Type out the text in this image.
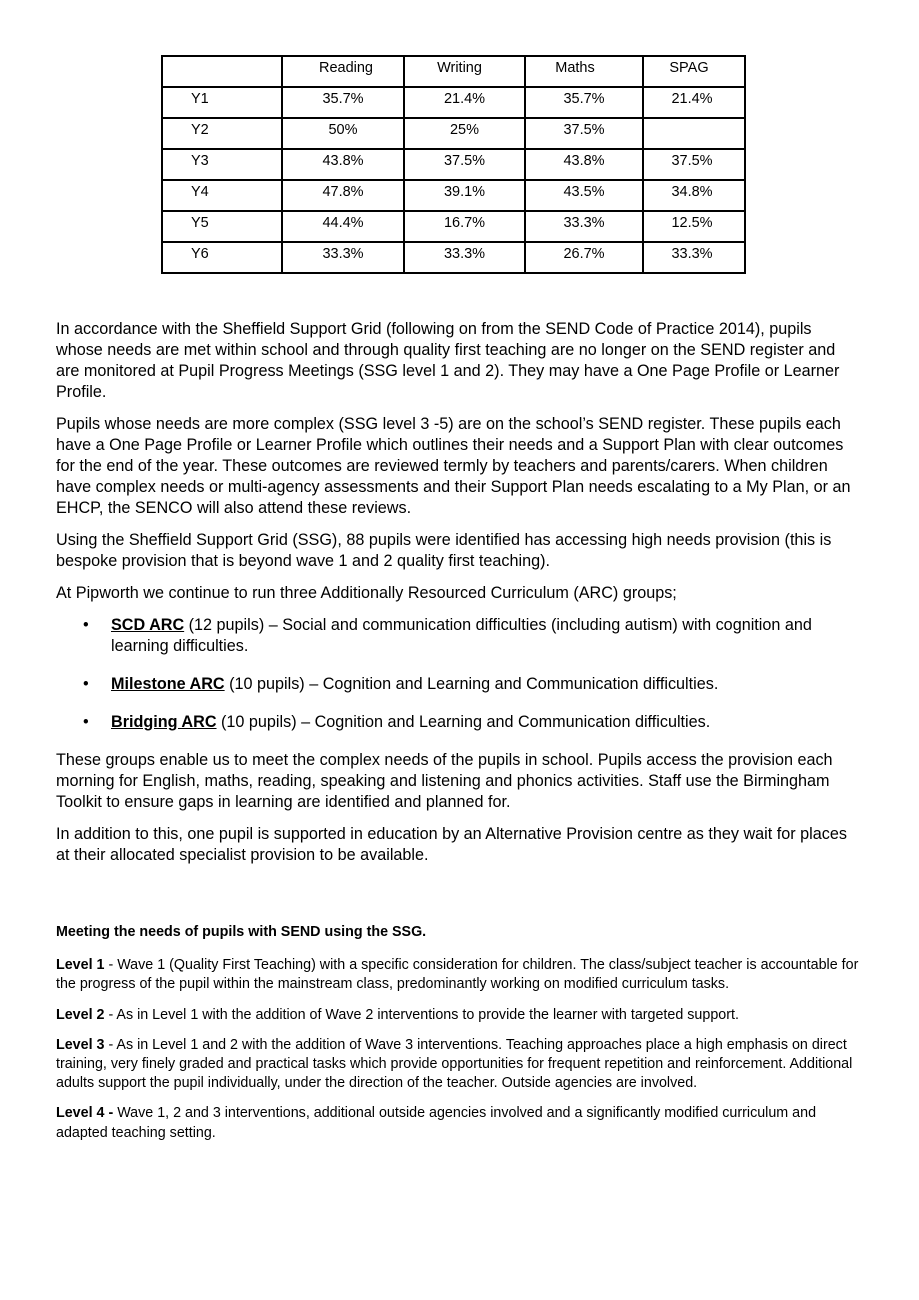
	Reading	Writing	Maths	SPAG

Y1	35.7%	21.4%	35.7%	21.4%

Y2	50%	25%	37.5%	

Y3	43.8%	37.5%	43.8%	37.5%

Y4	47.8%	39.1%	43.5%	34.8%

Y5	44.4%	16.7%	33.3%	12.5%

Y6	33.3%	33.3%	26.7%	33.3%

In accordance with the Sheffield Support Grid (following on from the SEND Code of Practice 2014), pupils whose needs are met within school and through quality first teaching are no longer on the SEND register and are monitored at Pupil Progress Meetings (SSG level 1 and 2). They may have a One Page Profile or Learner Profile.

Pupils whose needs are more complex (SSG level 3 -5) are on the school’s SEND register. These pupils each have a One Page Profile or Learner Profile which outlines their needs and a Support Plan with clear outcomes for the end of the year. These outcomes are reviewed termly by teachers and parents/carers. When children have complex needs or multi-agency assessments and their Support Plan needs escalating to a My Plan, or an EHCP, the SENCO will also attend these reviews.

Using the Sheffield Support Grid (SSG), 88 pupils were identified has accessing high needs provision (this is bespoke provision that is beyond wave 1 and 2 quality first teaching).

At Pipworth we continue to run three Additionally Resourced Curriculum (ARC) groups;

• SCD ARC (12 pupils) – Social and communication difficulties (including autism) with cognition and learning difficulties.
• Milestone ARC (10 pupils) – Cognition and Learning and Communication difficulties.
• Bridging ARC (10 pupils) – Cognition and Learning and Communication difficulties.

These groups enable us to meet the complex needs of the pupils in school. Pupils access the provision each morning for English, maths, reading, speaking and listening and phonics activities. Staff use the Birmingham Toolkit to ensure gaps in learning are identified and planned for.

In addition to this, one pupil is supported in education by an Alternative Provision centre as they wait for places at their allocated specialist provision to be available.

Meeting the needs of pupils with SEND using the SSG.

Level 1 - Wave 1 (Quality First Teaching) with a specific consideration for children. The class/subject teacher is accountable for the progress of the pupil within the mainstream class, predominantly working on modified curriculum tasks.

Level 2 - As in Level 1 with the addition of Wave 2 interventions to provide the learner with targeted support.

Level 3 - As in Level 1 and 2 with the addition of Wave 3 interventions. Teaching approaches place a high emphasis on direct training, very finely graded and practical tasks which provide opportunities for frequent repetition and reinforcement. Additional adults support the pupil individually, under the direction of the teacher. Outside agencies are involved.

Level 4 - Wave 1, 2 and 3 interventions, additional outside agencies involved and a significantly modified curriculum and adapted teaching setting.
